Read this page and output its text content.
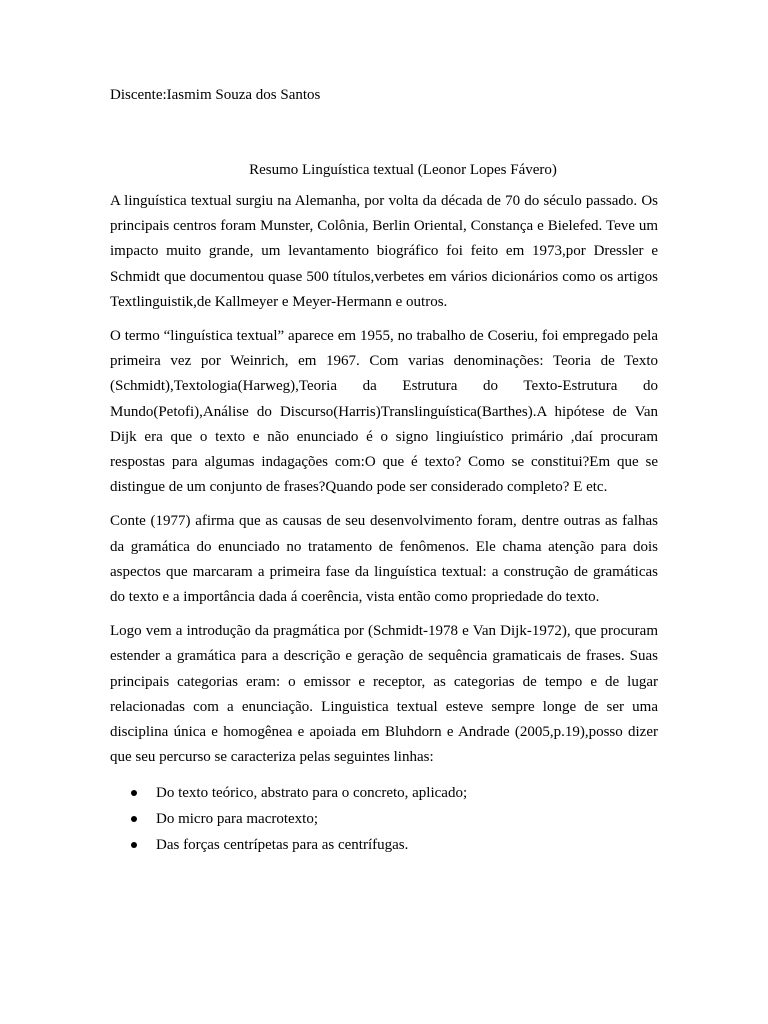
Discente:Iasmim Souza dos Santos

Resumo Linguística textual (Leonor Lopes Fávero)

A linguística textual surgiu na Alemanha, por volta da década de 70 do século passado. Os principais centros foram Munster, Colônia, Berlin Oriental, Constança e Bielefed. Teve um impacto muito grande, um levantamento biográfico foi feito em 1973,por Dressler e Schmidt que documentou quase 500 títulos,verbetes em vários dicionários como os artigos Textlinguistik,de Kallmeyer e Meyer-Hermann e outros.

O termo “linguística textual” aparece em 1955, no trabalho de Coseriu, foi empregado pela primeira vez por Weinrich, em 1967. Com varias denominações: Teoria de Texto (Schmidt),Textologia(Harweg),Teoria da Estrutura do Texto-Estrutura do Mundo(Petofi),Análise do Discurso(Harris)Translinguística(Barthes).A hipótese de Van Dijk era que o texto e não enunciado é o signo lingiuístico primário ,daí procuram respostas para algumas indagações com:O que é texto? Como se constitui?Em que se distingue de um conjunto de frases?Quando pode ser considerado completo? E etc.

Conte (1977) afirma que as causas de seu desenvolvimento foram, dentre outras as falhas da gramática do enunciado no tratamento de fenômenos. Ele chama atenção para dois aspectos que marcaram a primeira fase da linguística textual: a construção de gramáticas do texto e a importância dada á coerência, vista então como propriedade do texto.

Logo vem a introdução da pragmática por (Schmidt-1978 e Van Dijk-1972), que procuram estender a gramática para a descrição e geração de sequência gramaticais de frases. Suas principais categorias eram: o emissor e receptor, as categorias de tempo e de lugar relacionadas com a enunciação. Linguistica textual esteve sempre longe de ser uma disciplina única e homogênea e apoiada em Bluhdorn e Andrade (2005,p.19),posso dizer que seu percurso se caracteriza pelas seguintes linhas:

Do texto teórico, abstrato para o concreto, aplicado;
Do micro para macrotexto;
Das forças centrípetas para as centrífugas.
